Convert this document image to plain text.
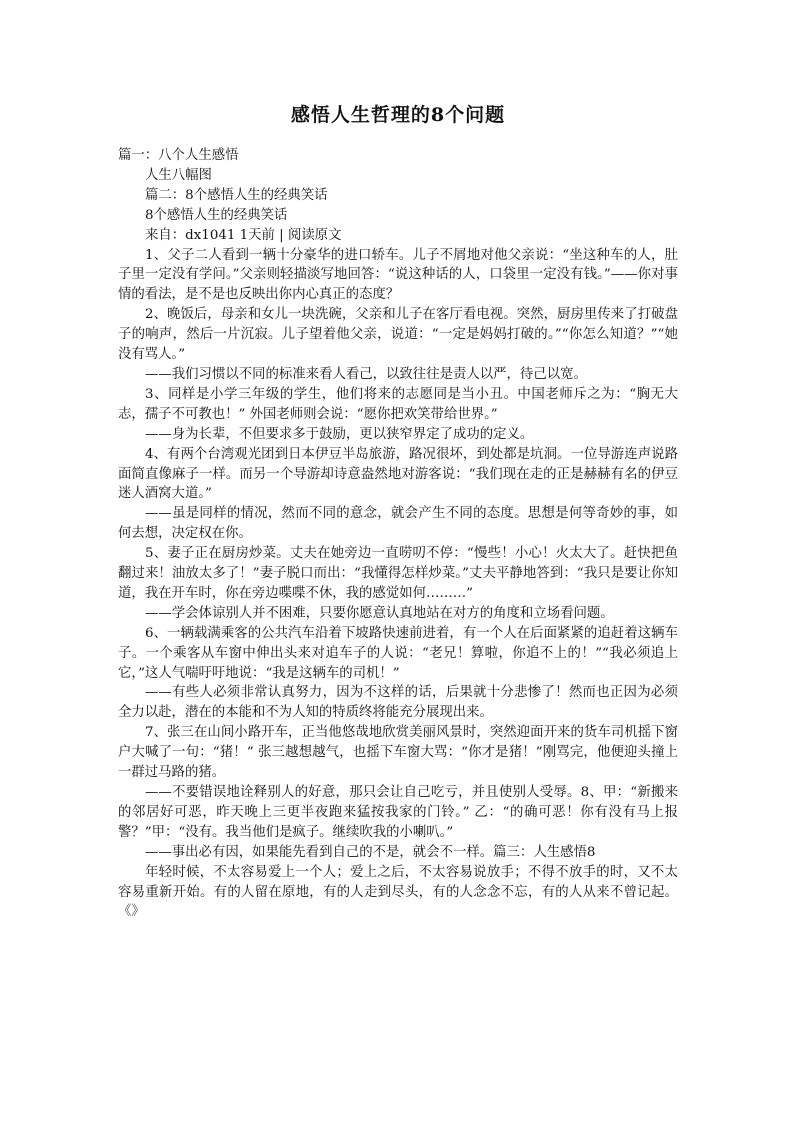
感悟人生哲理的8个问题

篇一：八个人生感悟

人生八幅图

篇二：8个感悟人生的经典笑话

8个感悟人生的经典笑话

来自：dx1041 1天前 | 阅读原文

1、父子二人看到一辆十分豪华的进口轿车。儿子不屑地对他父亲说：“坐这种车的人，肚子里一定没有学问。”父亲则轻描淡写地回答：“说这种话的人，口袋里一定没有钱。”——你对事情的看法，是不是也反映出你内心真正的态度？

2、晚饭后，母亲和女儿一块洗碗，父亲和儿子在客厅看电视。突然，厨房里传来了打破盘子的响声，然后一片沉寂。儿子望着他父亲，说道：“一定是妈妈打破的。”“你怎么知道？”“她没有骂人。”

——我们习惯以不同的标准来看人看己，以致往往是责人以严，待己以宽。

3、同样是小学三年级的学生，他们将来的志愿同是当小丑。中国老师斥之为：“胸无大志，孺子不可教也！” 外国老师则会说：“愿你把欢笑带给世界。”

——身为长辈，不但要求多于鼓励，更以狭窄界定了成功的定义。

4、有两个台湾观光团到日本伊豆半岛旅游，路况很坏，到处都是坑洞。一位导游连声说路面简直像麻子一样。而另一个导游却诗意盎然地对游客说：“我们现在走的正是赫赫有名的伊豆迷人酒窝大道。”

——虽是同样的情况，然而不同的意念，就会产生不同的态度。思想是何等奇妙的事，如何去想，决定权在你。

5、妻子正在厨房炒菜。丈夫在她旁边一直唠叨不停：“慢些！小心！火太大了。赶快把鱼翻过来！油放太多了！”妻子脱口而出：“我懂得怎样炒菜。”丈夫平静地答到：“我只是要让你知道，我在开车时，你在旁边喋喋不休，我的感觉如何………”

——学会体谅别人并不困难，只要你愿意认真地站在对方的角度和立场看问题。

6、一辆载满乘客的公共汽车沿着下坡路快速前进着，有一个人在后面紧紧的追赶着这辆车子。一个乘客从车窗中伸出头来对追车子的人说：“老兄！算啦，你追不上的！”“我必须追上它，”这人气喘吁吁地说：“我是这辆车的司机！”

——有些人必须非常认真努力，因为不这样的话，后果就十分悲惨了！然而也正因为必须全力以赴，潜在的本能和不为人知的特质终将能充分展现出来。

7、张三在山间小路开车，正当他悠哉地欣赏美丽风景时，突然迎面开来的货车司机摇下窗户大喊了一句：“猪！” 张三越想越气，也摇下车窗大骂：“你才是猪！”刚骂完，他便迎头撞上一群过马路的猪。

——不要错误地诠释别人的好意，那只会让自己吃亏，并且使别人受辱。8、甲：“新搬来的邻居好可恶，昨天晚上三更半夜跑来猛按我家的门铃。” 乙：“的确可恶！你有没有马上报警？”甲：“没有。我当他们是疯子。继续吹我的小喇叭。”

——事出必有因，如果能先看到自己的不是，就会不一样。篇三：人生感悟8

年轻时候，不太容易爱上一个人；爱上之后，不太容易说放手；不得不放手的时，又不太容易重新开始。有的人留在原地，有的人走到尽头，有的人念念不忘，有的人从来不曾记起。《》
